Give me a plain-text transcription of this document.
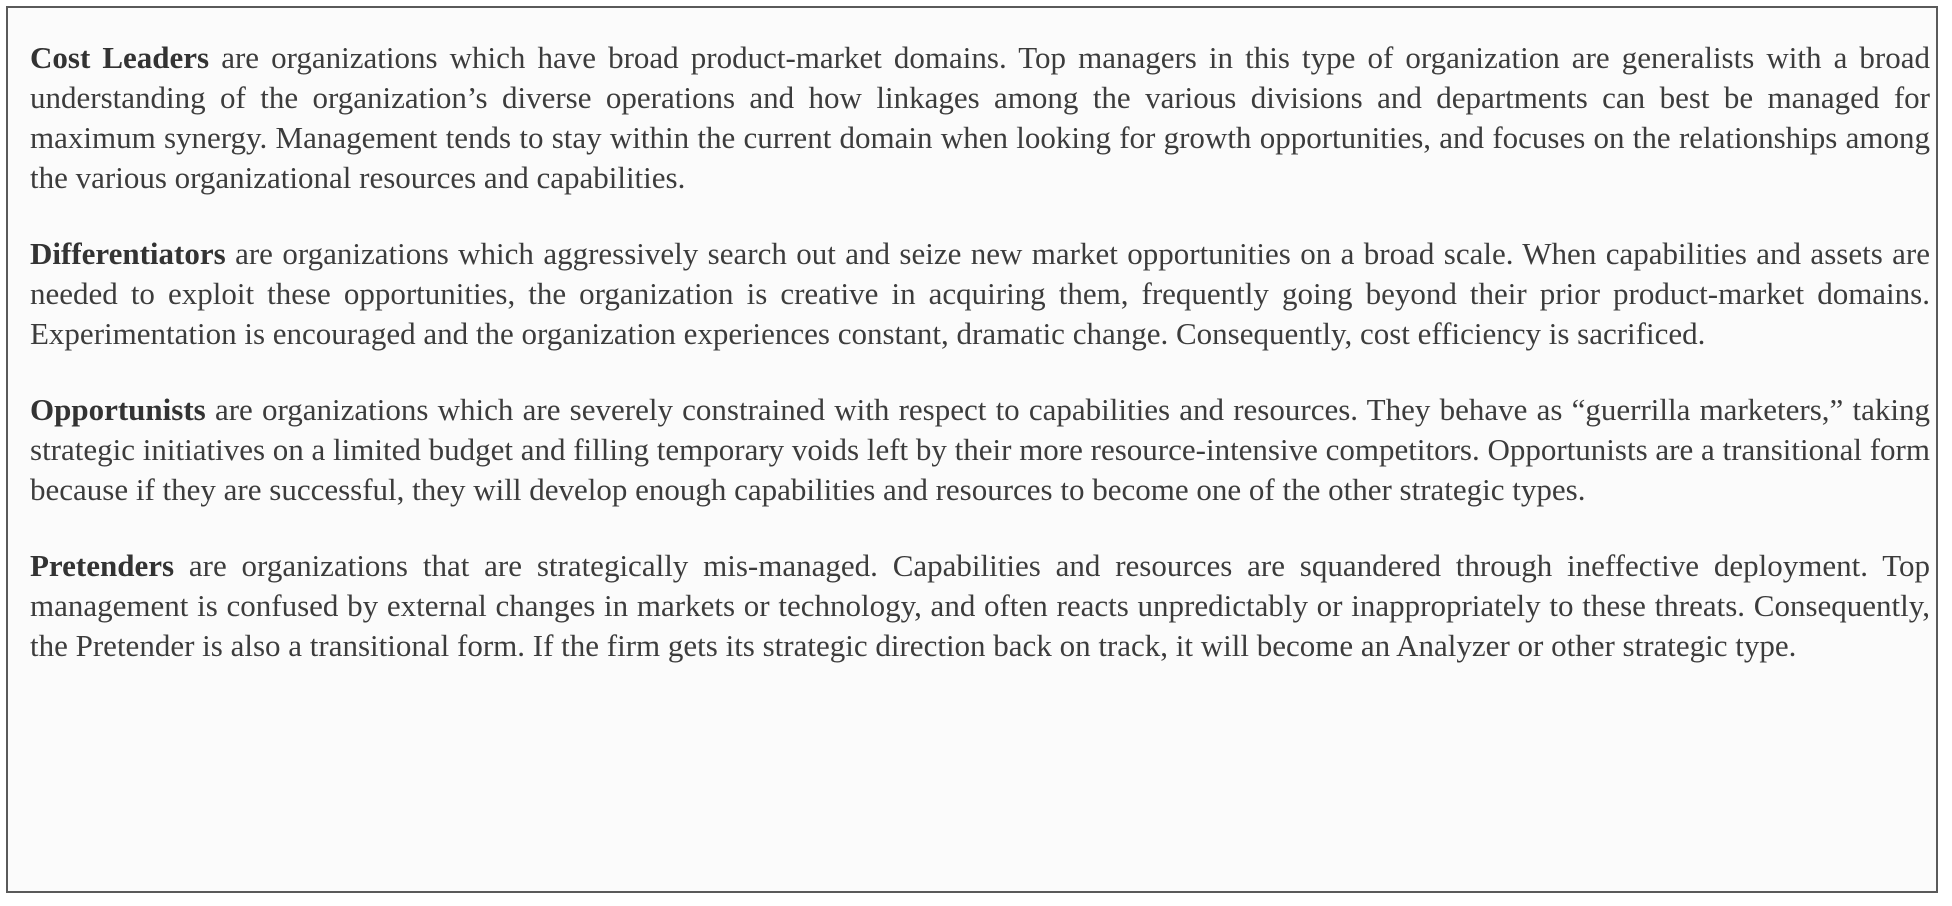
Cost Leaders are organizations which have broad product-market domains. Top managers in this type of organization are generalists with a broad understanding of the organization’s diverse operations and how linkages among the various divisions and departments can best be managed for maximum synergy. Management tends to stay within the current domain when looking for growth opportunities, and focuses on the relationships among the various organizational resources and capabilities.

Differentiators are organizations which aggressively search out and seize new market opportunities on a broad scale. When capabilities and assets are needed to exploit these opportunities, the organization is creative in acquiring them, frequently going beyond their prior product-market domains. Experimentation is encouraged and the organization experiences constant, dramatic change. Consequently, cost efficiency is sacrificed.

Opportunists are organizations which are severely constrained with respect to capabilities and resources. They behave as “guerrilla marketers,” taking strategic initiatives on a limited budget and filling temporary voids left by their more resource-intensive competitors. Opportunists are a transitional form because if they are successful, they will develop enough capabilities and resources to become one of the other strategic types.

Pretenders are organizations that are strategically mis-managed. Capabilities and resources are squandered through ineffective deployment. Top management is confused by external changes in markets or technology, and often reacts unpredictably or inappropriately to these threats. Consequently, the Pretender is also a transitional form. If the firm gets its strategic direction back on track, it will become an Analyzer or other strategic type.
